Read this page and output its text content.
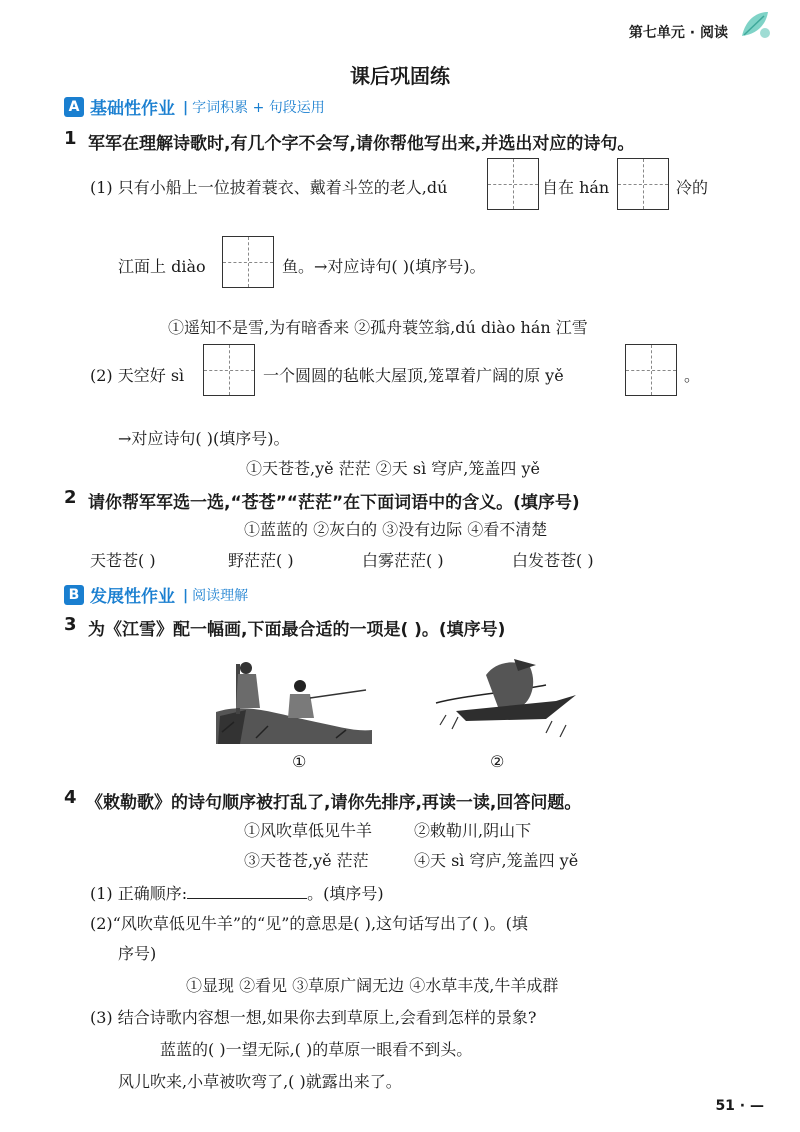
第七单元 · 阅读
课后巩固练
A 基础性作业	| 字词积累 + 句段运用
1 军军在理解诗歌时,有几个字不会写,请你帮他写出来,并选出对应的诗句。
(1) 只有小船上一位披着蓑衣、戴着斗笠的老人,dú	自在 hán	冷的
江面上 diào	鱼。→对应诗句( )(填序号)。
①遥知不是雪,为有暗香来 ②孤舟蓑笠翁,dú diào hán 江雪
(2) 天空好 sì	一个圆圆的毡帐大屋顶,笼罩着广阔的原 yě	。
→对应诗句( )(填序号)。
①天苍苍,yě 茫茫 ②天 sì 穹庐,笼盖四 yě
2 请你帮军军选一选,“苍苍”“茫茫”在下面词语中的含义。(填序号)
①蓝蓝的 ②灰白的 ③没有边际 ④看不清楚
天苍苍( )	野茫茫( )	白雾茫茫( )	白发苍苍( )
B 发展性作业	| 阅读理解
3 为《江雪》配一幅画,下面最合适的一项是( )。(填序号)
①	②
4 《敕勒歌》的诗句顺序被打乱了,请你先排序,再读一读,回答问题。
①风吹草低见牛羊	②敕勒川,阴山下
③天苍苍,yě 茫茫	④天 sì 穹庐,笼盖四 yě
(1) 正确顺序:	。(填序号)
(2)“风吹草低见牛羊”的“见”的意思是( ),这句话写出了( )。(填
序号)
①显现 ②看见 ③草原广阔无边 ④水草丰茂,牛羊成群
(3) 结合诗歌内容想一想,如果你去到草原上,会看到怎样的景象?
蓝蓝的( )一望无际,( )的草原一眼看不到头。
风儿吹来,小草被吹弯了,( )就露出来了。
51 · —
